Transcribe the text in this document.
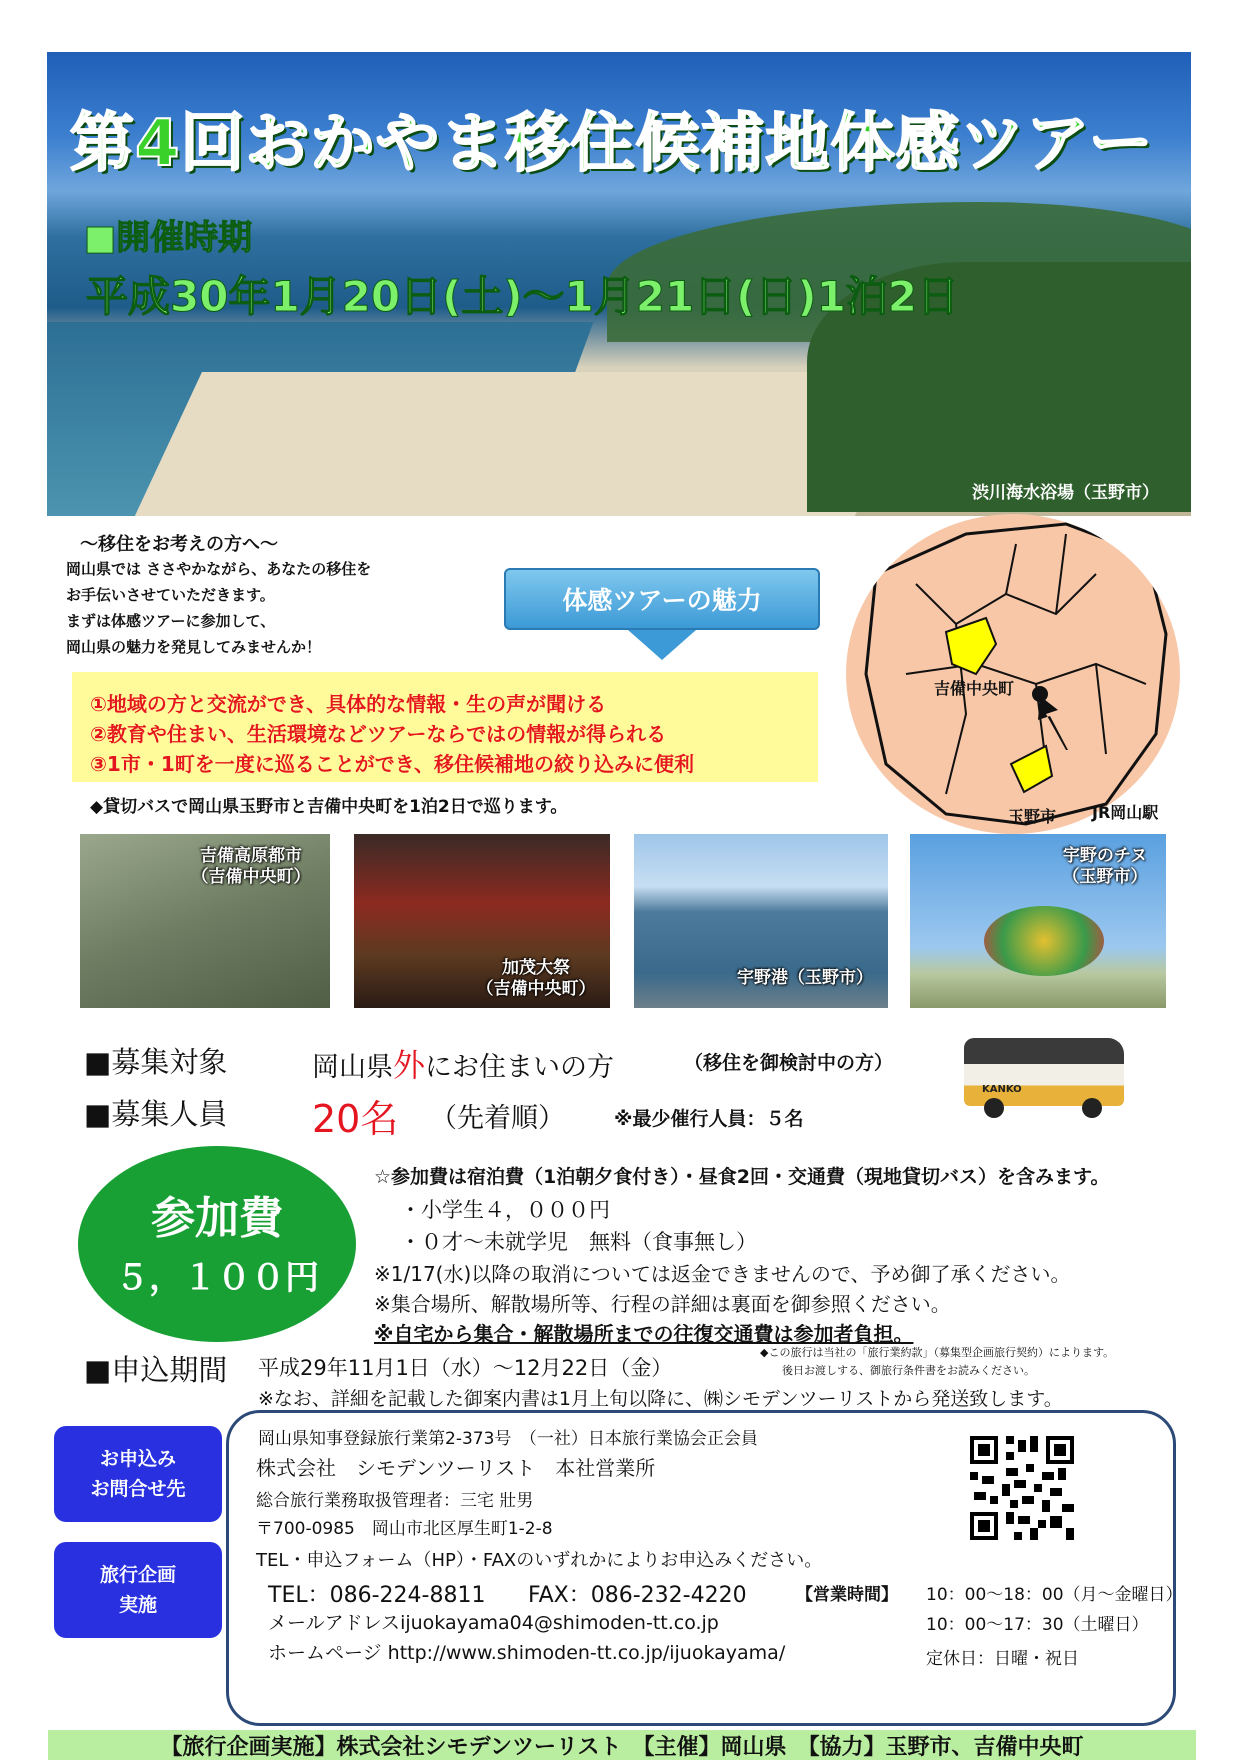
第4回おかやま移住候補地体感ツアー
■開催時期
平成30年1月20日(土)～1月21日(日)1泊2日
渋川海水浴場（玉野市）
～移住をお考えの方へ～
岡山県では ささやかながら、あなたの移住を
お手伝いさせていただきます。
まずは体感ツアーに参加して、
岡山県の魅力を発見してみませんか！
体感ツアーの魅力
①地域の方と交流ができ、具体的な情報・生の声が聞ける
②教育や住まい、生活環境などツアーならではの情報が得られる
③1市・1町を一度に巡ることができ、移住候補地の絞り込みに便利
◆貸切バスで岡山県玉野市と吉備中央町を1泊2日で巡ります。
吉備中央町
玉野市 JR岡山駅
吉備高原都市
（吉備中央町）
加茂大祭
（吉備中央町）
宇野港（玉野市）
宇野のチヌ
（玉野市）
■募集対象	岡山県外にお住まいの方	（移住を御検討中の方）
■募集人員 20名 （先着順）	※最少催行人員：５名
KANKO
参加費
５，１００円
☆参加費は宿泊費（1泊朝夕食付き）・昼食2回・交通費（現地貸切バス）を含みます。
・小学生４，０００円
・０才～未就学児　無料（食事無し）
※1/17(水)以降の取消については返金できませんので、予め御了承ください。
※集合場所、解散場所等、行程の詳細は裏面を御参照ください。
※自宅から集合・解散場所までの往復交通費は参加者負担。
■申込期間 平成29年11月1日（水）～12月22日（金）
◆この旅行は当社の「旅行業約款」（募集型企画旅行契約）によります。
後日お渡しする、御旅行条件書をお読みください。
※なお、詳細を記載した御案内書は1月上旬以降に、㈱シモデンツーリストから発送致します。
お申込み
お問合せ先
旅行企画
実施
岡山県知事登録旅行業第2-373号　（一社）日本旅行業協会正会員
株式会社　シモデンツーリスト　本社営業所
総合旅行業務取扱管理者：三宅 壯男
〒700-0985　岡山市北区厚生町1-2-8
TEL・申込フォーム（HP）・FAXのいずれかによりお申込みください。
TEL：086-224-8811 FAX：086-232-4220	【営業時間】 10：00～18：00（月～金曜日）
10：00～17：30（土曜日）
定休日：日曜・祝日
メールアドレスijuokayama04@shimoden-tt.co.jp
ホームページ http://www.shimoden-tt.co.jp/ijuokayama/
【旅行企画実施】株式会社シモデンツーリスト　【主催】岡山県　【協力】玉野市、吉備中央町
